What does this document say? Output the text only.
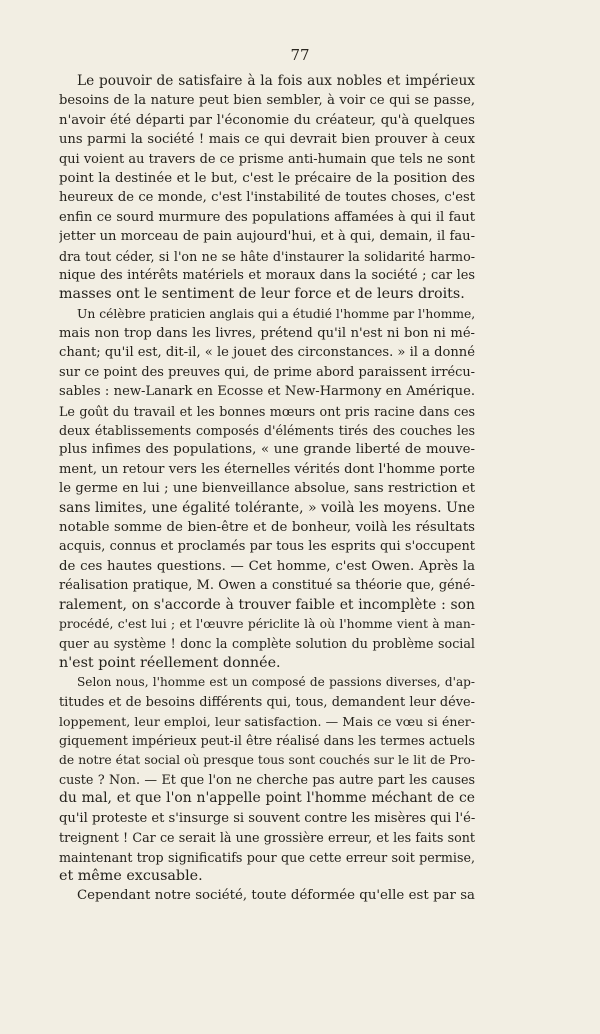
77

Le pouvoir de satisfaire à la fois aux nobles et impérieux

besoins de la nature peut bien sembler, à voir ce qui se passe,

n'avoir été départi par l'économie du créateur, qu'à quelques

uns parmi la société ! mais ce qui devrait bien prouver à ceux

qui voient au travers de ce prisme anti-humain que tels ne sont

point la destinée et le but, c'est le précaire de la position des

heureux de ce monde, c'est l'instabilité de toutes choses, c'est

enfin ce sourd murmure des populations affamées à qui il faut

jetter un morceau de pain aujourd'hui, et à qui, demain, il fau-

dra tout céder, si l'on ne se hâte d'instaurer la solidarité harmo-

nique des intérêts matériels et moraux dans la société ; car les

masses ont le sentiment de leur force et de leurs droits.

Un célèbre praticien anglais qui a étudié l'homme par l'homme,

mais non trop dans les livres, prétend qu'il n'est ni bon ni mé-

chant; qu'il est, dit-il, « le jouet des circonstances. » il a donné

sur ce point des preuves qui, de prime abord paraissent irrécu-

sables : new-Lanark en Ecosse et New-Harmony en Amérique.

Le goût du travail et les bonnes mœurs ont pris racine dans ces

deux établissements composés d'éléments tirés des couches les

plus infimes des populations, « une grande liberté de mouve-

ment, un retour vers les éternelles vérités dont l'homme porte

le germe en lui ; une bienveillance absolue, sans restriction et

sans limites, une égalité tolérante, » voilà les moyens. Une

notable somme de bien-être et de bonheur, voilà les résultats

acquis, connus et proclamés par tous les esprits qui s'occupent

de ces hautes questions. — Cet homme, c'est Owen. Après la

réalisation pratique, M. Owen a constitué sa théorie que, géné-

ralement, on s'accorde à trouver faible et incomplète : son

procédé, c'est lui ; et l'œuvre périclite là où l'homme vient à man-

quer au système ! donc la complète solution du problème social

n'est point réellement donnée.

Selon nous, l'homme est un composé de passions diverses, d'ap-

titudes et de besoins différents qui, tous, demandent leur déve-

loppement, leur emploi, leur satisfaction. — Mais ce vœu si éner-

giquement impérieux peut-il être réalisé dans les termes actuels

de notre état social où presque tous sont couchés sur le lit de Pro-

custe ? Non. — Et que l'on ne cherche pas autre part les causes

du mal, et que l'on n'appelle point l'homme méchant de ce

qu'il proteste et s'insurge si souvent contre les misères qui l'é-

treignent ! Car ce serait là une grossière erreur, et les faits sont

maintenant trop significatifs pour que cette erreur soit permise,

et même excusable.

Cependant notre société, toute déformée qu'elle est par sa
